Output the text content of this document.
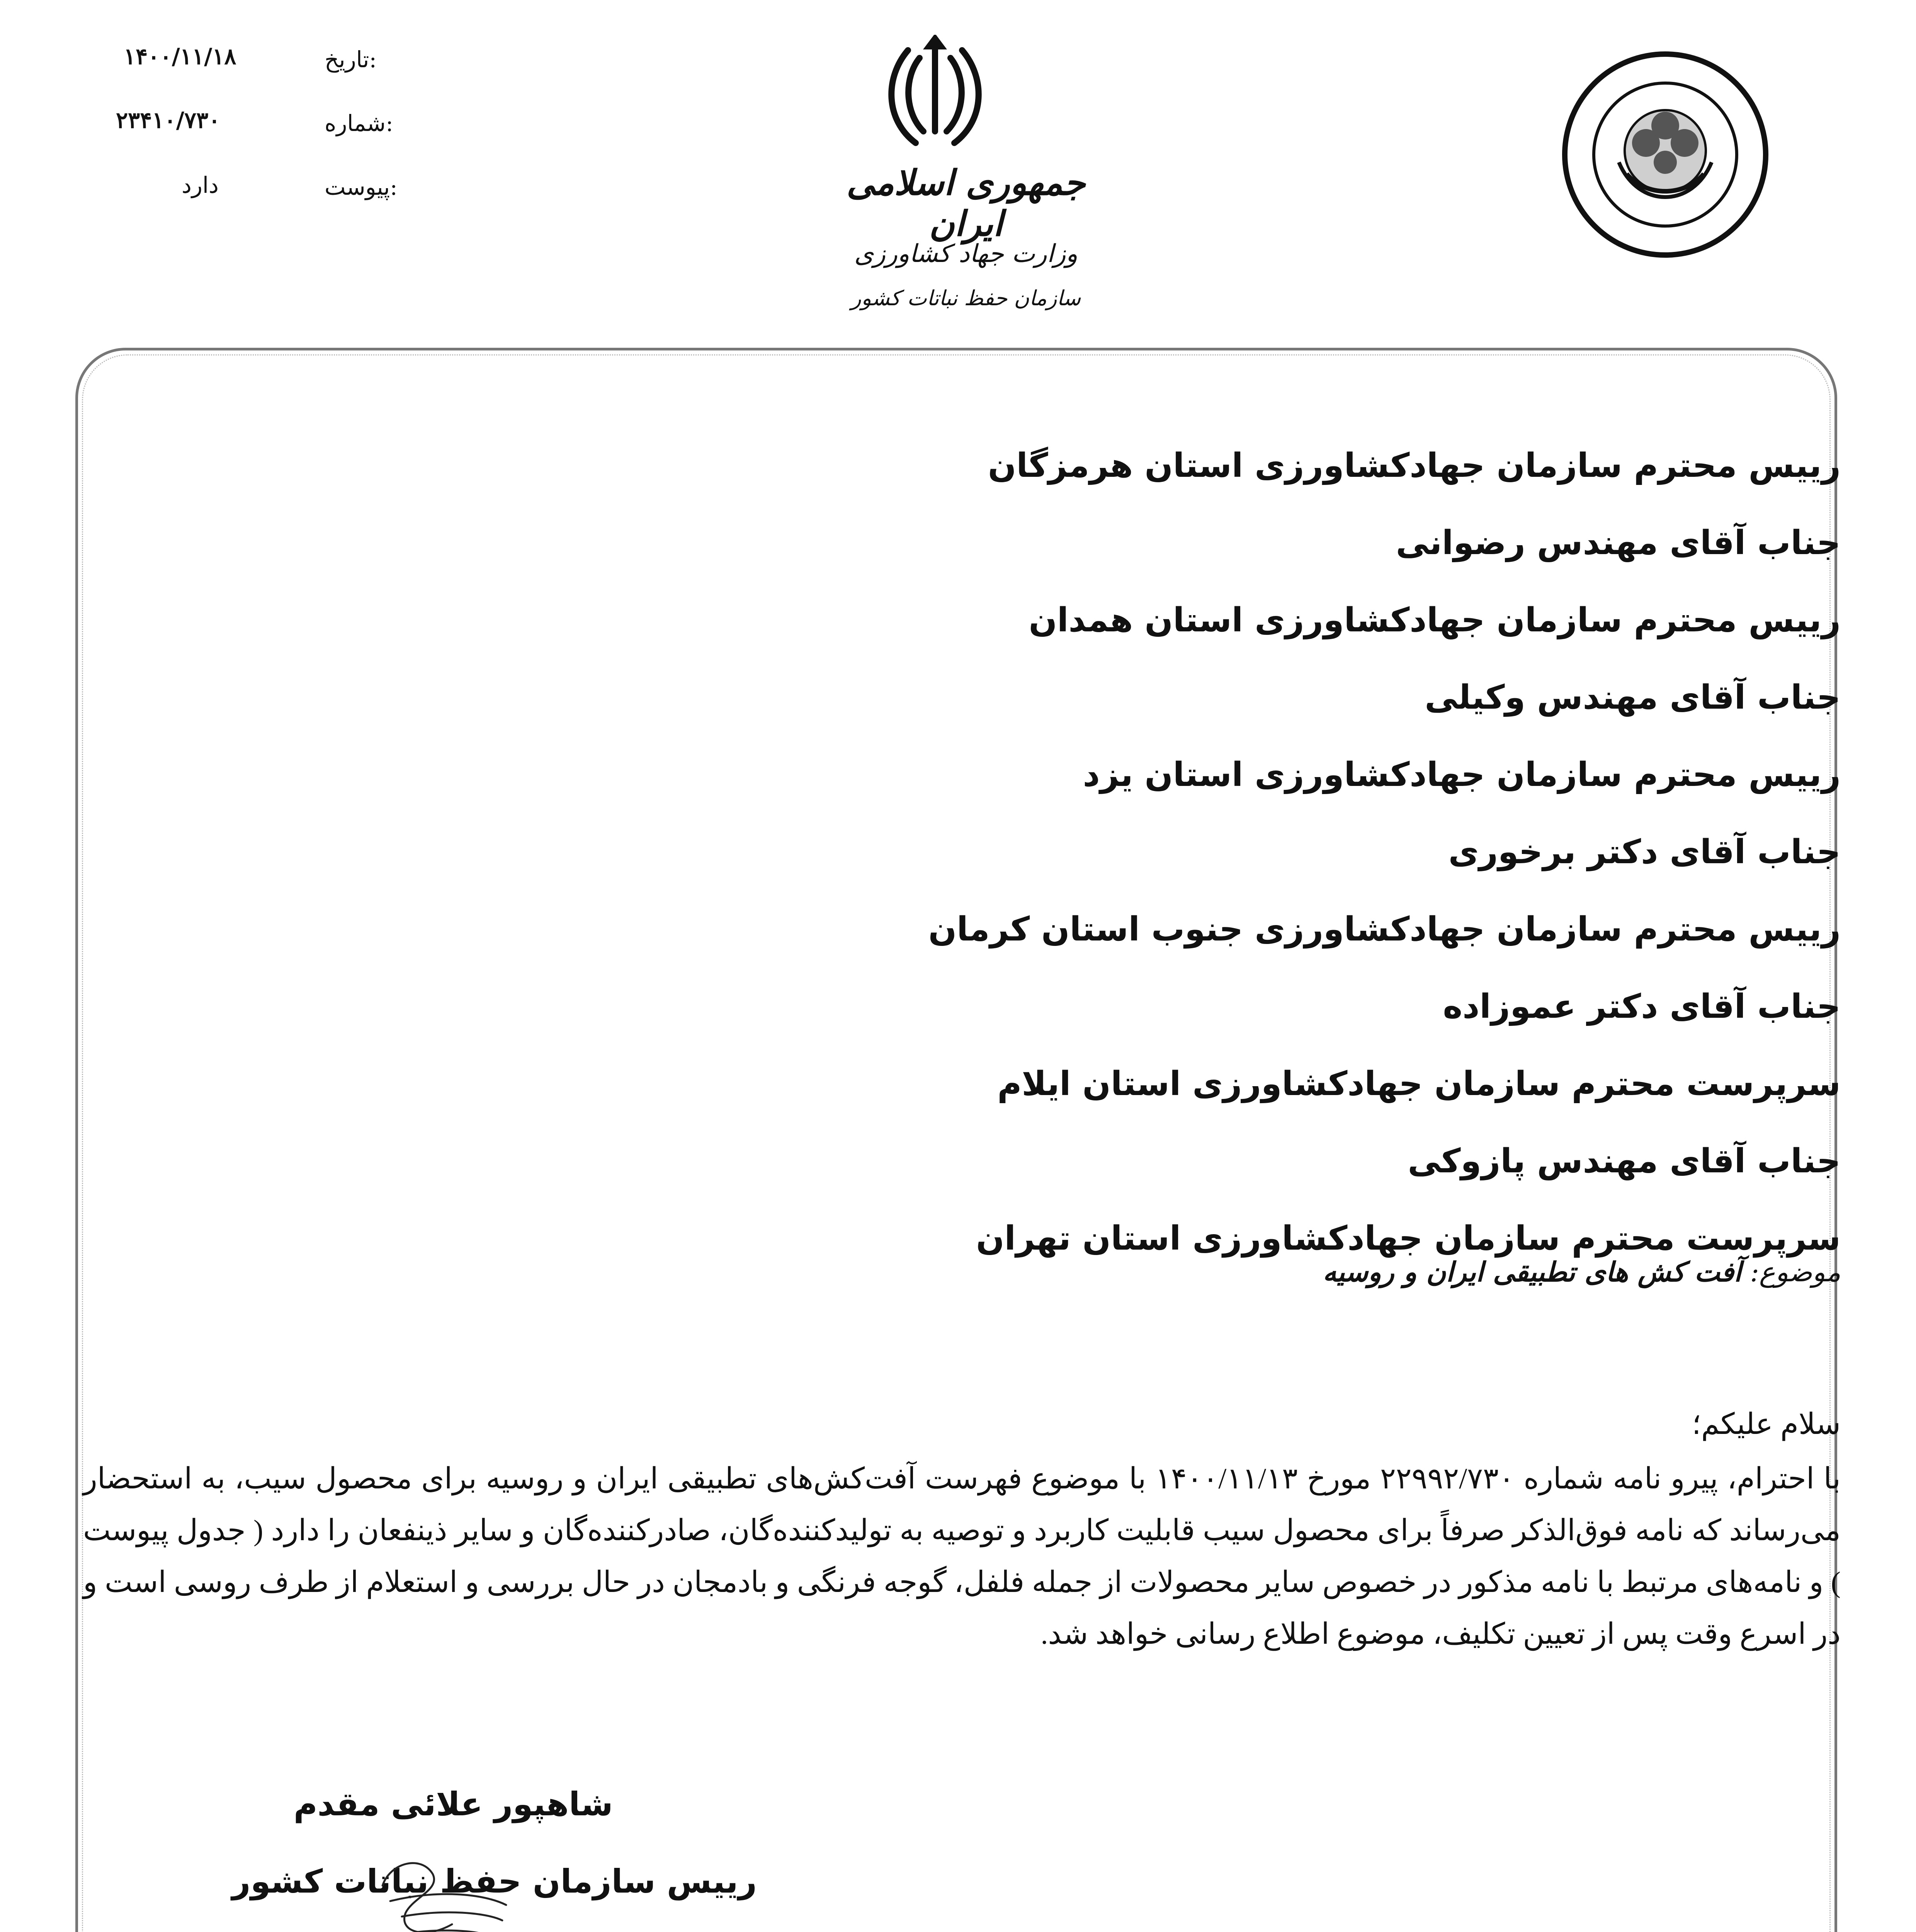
تاریخ:
۱۴۰۰/۱۱/۱۸
شماره:
۲۳۴۱۰/۷۳۰
پیوست:
دارد	جمهوری اسلامی ایران
وزارت جهاد کشاورزی
سازمان حفظ نباتات کشور
رییس محترم سازمان جهادکشاورزی استان هرمزگان
جناب آقای مهندس رضوانی
رییس محترم سازمان جهادکشاورزی استان همدان
جناب آقای مهندس وکیلی
رییس محترم سازمان جهادکشاورزی استان یزد
جناب آقای دکتر برخوری
رییس محترم سازمان جهادکشاورزی جنوب استان کرمان
جناب آقای دکتر عموزاده
سرپرست محترم سازمان جهادکشاورزی استان ایلام
جناب آقای مهندس پازوکی
سرپرست محترم سازمان جهادکشاورزی استان تهران
موضوع: آفت کش های تطبیقی ایران و روسیه
سلام علیکم؛
با احترام، پیرو نامه شماره ۲۲۹۹۲/۷۳۰ مورخ ۱۴۰۰/۱۱/۱۳ با موضوع فهرست آفت‌کش‌های تطبیقی ایران و روسیه برای محصول سیب، به استحضار می‌رساند که نامه فوق‌الذکر صرفاً برای محصول سیب قابلیت کاربرد و توصیه به تولیدکننده‌گان، صادرکننده‌گان و سایر ذینفعان را دارد ( جدول پیوست ) و نامه‌های مرتبط با نامه مذکور در خصوص سایر محصولات از جمله فلفل، گوجه فرنگی و بادمجان در حال بررسی و استعلام از طرف روسی است و در اسرع وقت پس از تعیین تکلیف، موضوع اطلاع رسانی خواهد شد.
شاهپور علائی مقدم
رییس سازمان حفظ نباتات کشور
